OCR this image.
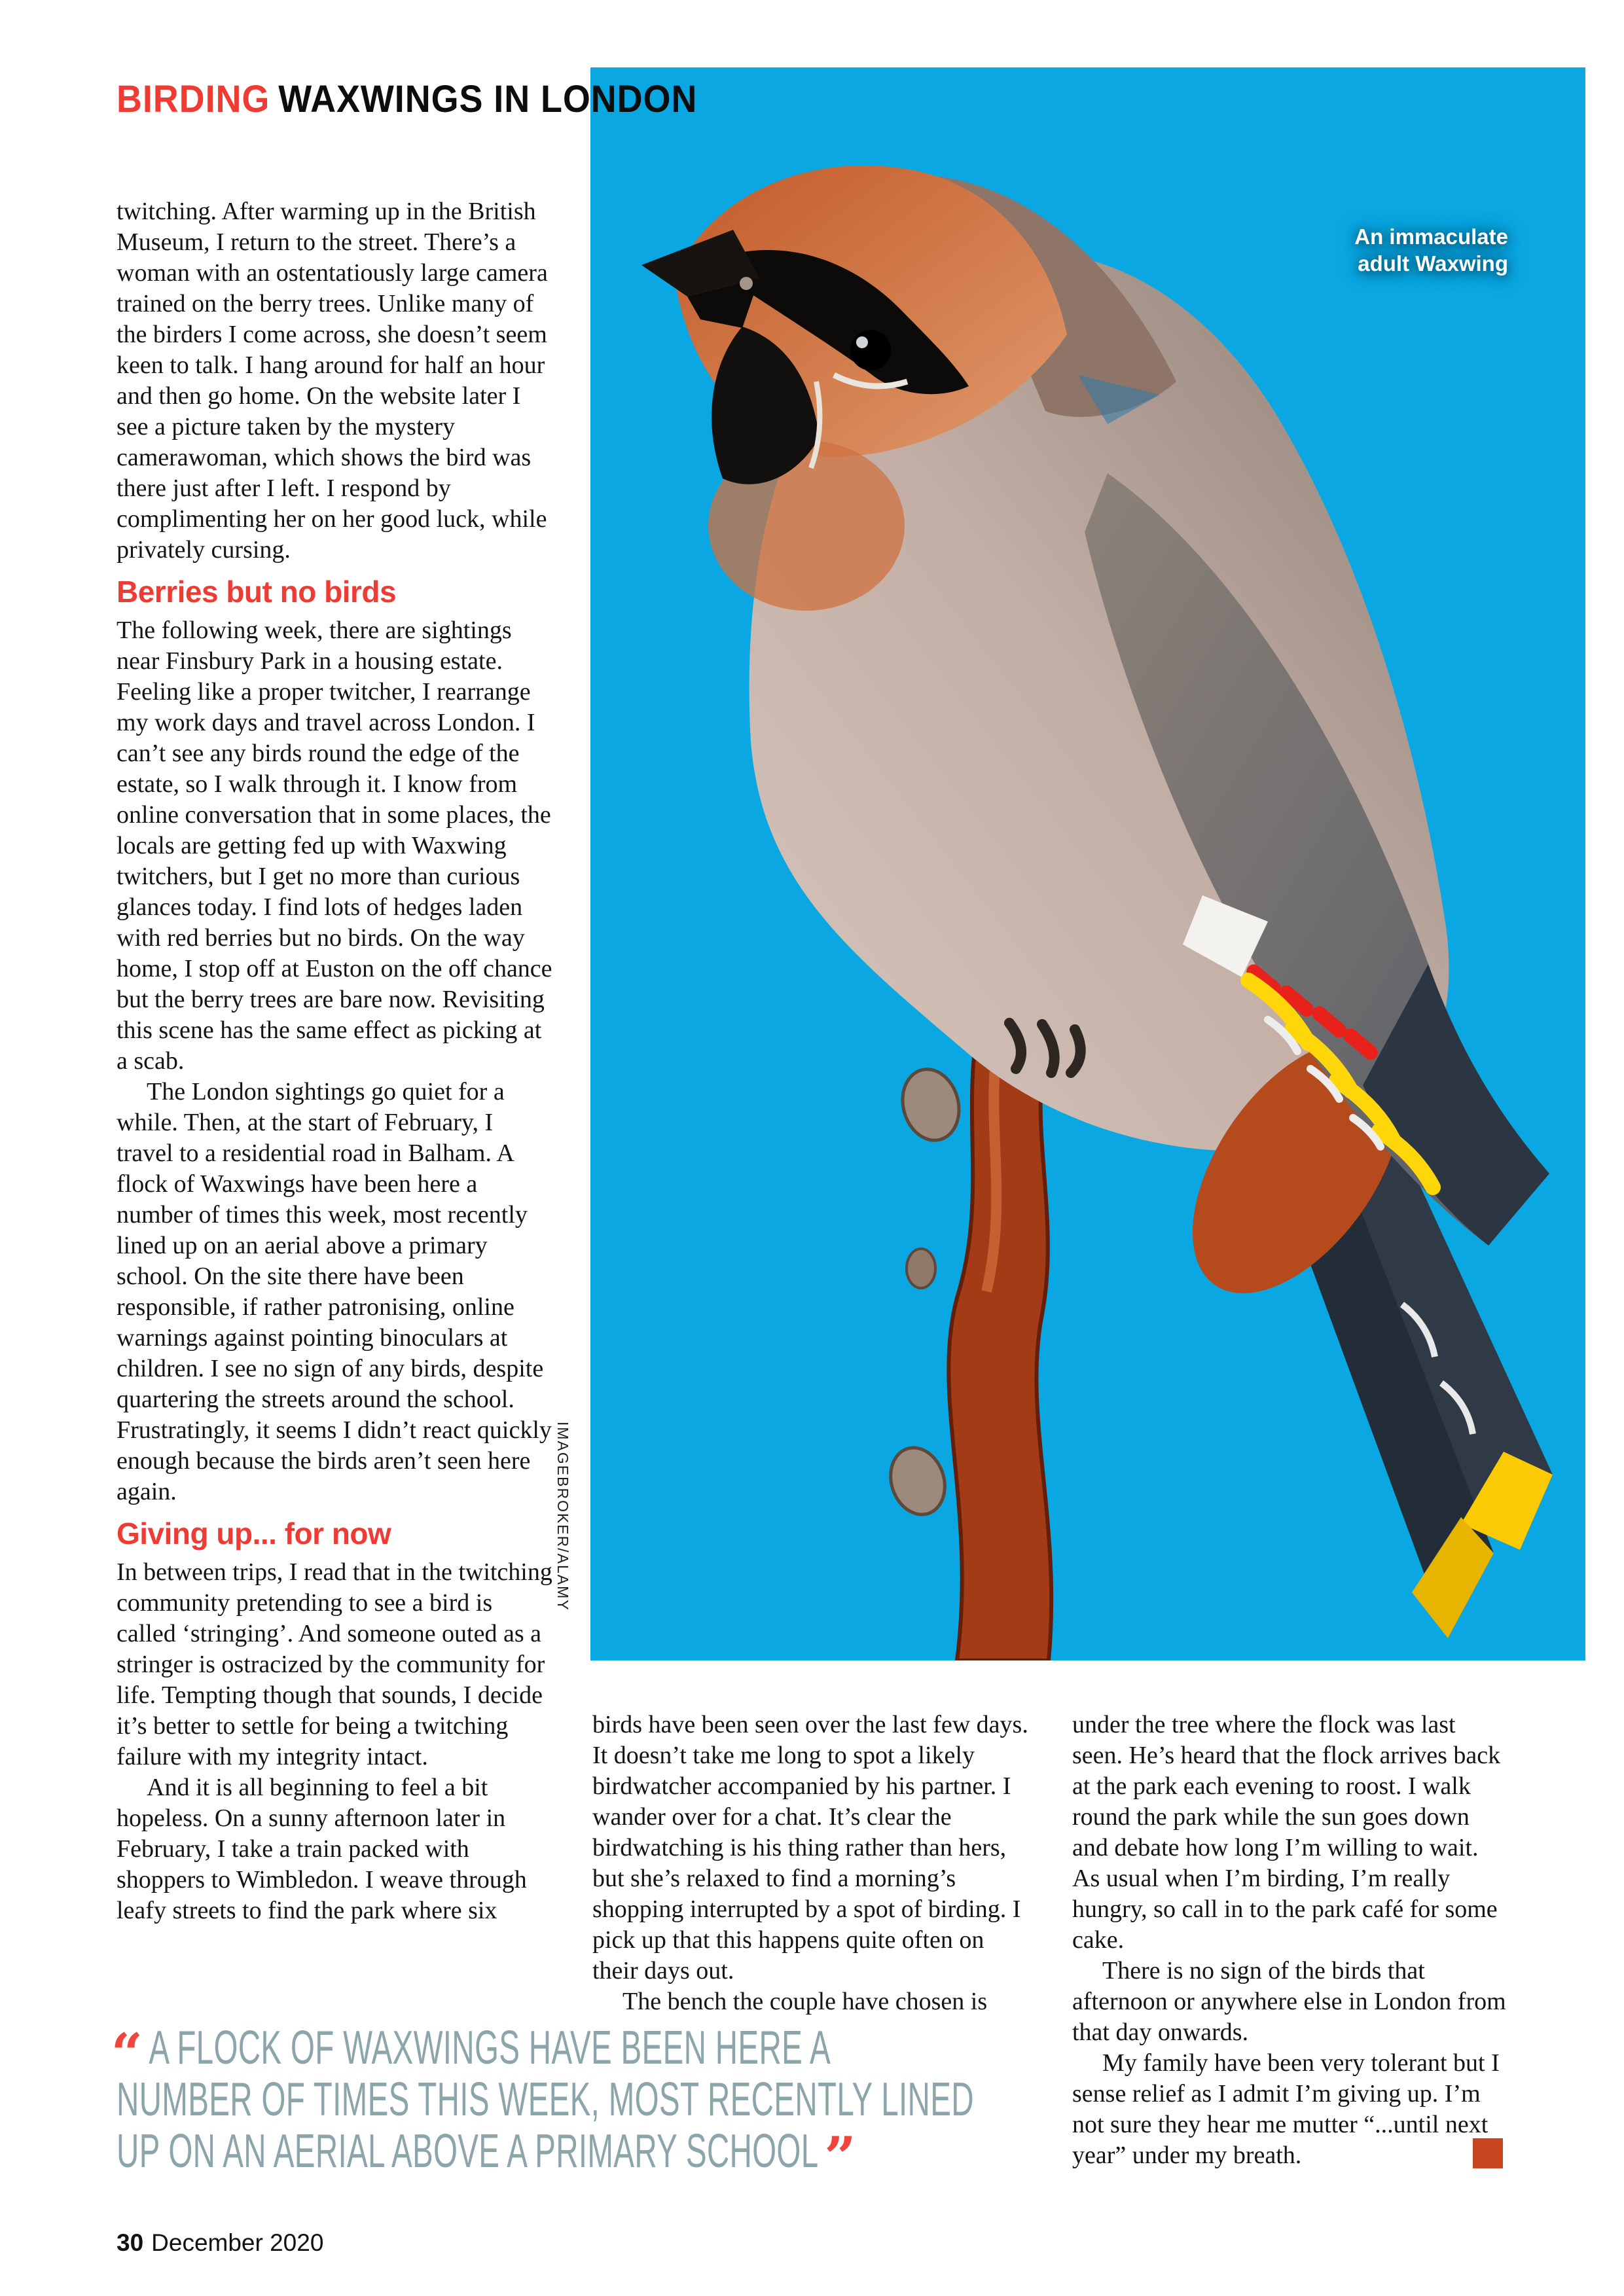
BIRDING WAXWINGS IN LONDON
An immaculate
adult Waxwing
IMAGEBROKER/ALAMY

twitching. After warming up in the British Museum, I return to the street. There’s a woman with an ostentatiously large camera trained on the berry trees. Unlike many of the birders I come across, she doesn’t seem keen to talk. I hang around for half an hour and then go home. On the website later I see a picture taken by the mystery camerawoman, which shows the bird was there just after I left. I respond by complimenting her on her good luck, while privately cursing.

Berries but no birds

The following week, there are sightings near Finsbury Park in a housing estate. Feeling like a proper twitcher, I rearrange my work days and travel across London. I can’t see any birds round the edge of the estate, so I walk through it. I know from online conversation that in some places, the locals are getting fed up with Waxwing twitchers, but I get no more than curious glances today. I find lots of hedges laden with red berries but no birds. On the way home, I stop off at Euston on the off chance but the berry trees are bare now. Revisiting this scene has the same effect as picking at a scab.

The London sightings go quiet for a while. Then, at the start of February, I travel to a residential road in Balham. A flock of Waxwings have been here a number of times this week, most recently lined up on an aerial above a primary school. On the site there have been responsible, if rather patronising, online warnings against pointing binoculars at children. I see no sign of any birds, despite quartering the streets around the school. Frustratingly, it seems I didn’t react quickly enough because the birds aren’t seen here again.

Giving up... for now

In between trips, I read that in the twitching community pretending to see a bird is called ‘stringing’. And someone outed as a stringer is ostracized by the community for life. Tempting though that sounds, I decide it’s better to settle for being a twitching failure with my integrity intact.

And it is all beginning to feel a bit hopeless. On a sunny afternoon later in February, I take a train packed with shoppers to Wimbledon. I weave through leafy streets to find the park where six

birds have been seen over the last few days. It doesn’t take me long to spot a likely birdwatcher accompanied by his partner. I wander over for a chat. It’s clear the birdwatching is his thing rather than hers, but she’s relaxed to find a morning’s shopping interrupted by a spot of birding. I pick up that this happens quite often on their days out.

The bench the couple have chosen is

under the tree where the flock was last seen. He’s heard that the flock arrives back at the park each evening to roost. I walk round the park while the sun goes down and debate how long I’m willing to wait. As usual when I’m birding, I’m really hungry, so call in to the park café for some cake.

There is no sign of the birds that afternoon or anywhere else in London from that day onwards.

My family have been very tolerant but I sense relief as I admit I’m giving up. I’m not sure they hear me mutter “...until next year” under my breath.	BW

“ A FLOCK OF WAXWINGS HAVE BEEN HERE A
NUMBER OF TIMES THIS WEEK, MOST RECENTLY LINED
UP ON AN AERIAL ABOVE A PRIMARY SCHOOL ”
30 December 2020
